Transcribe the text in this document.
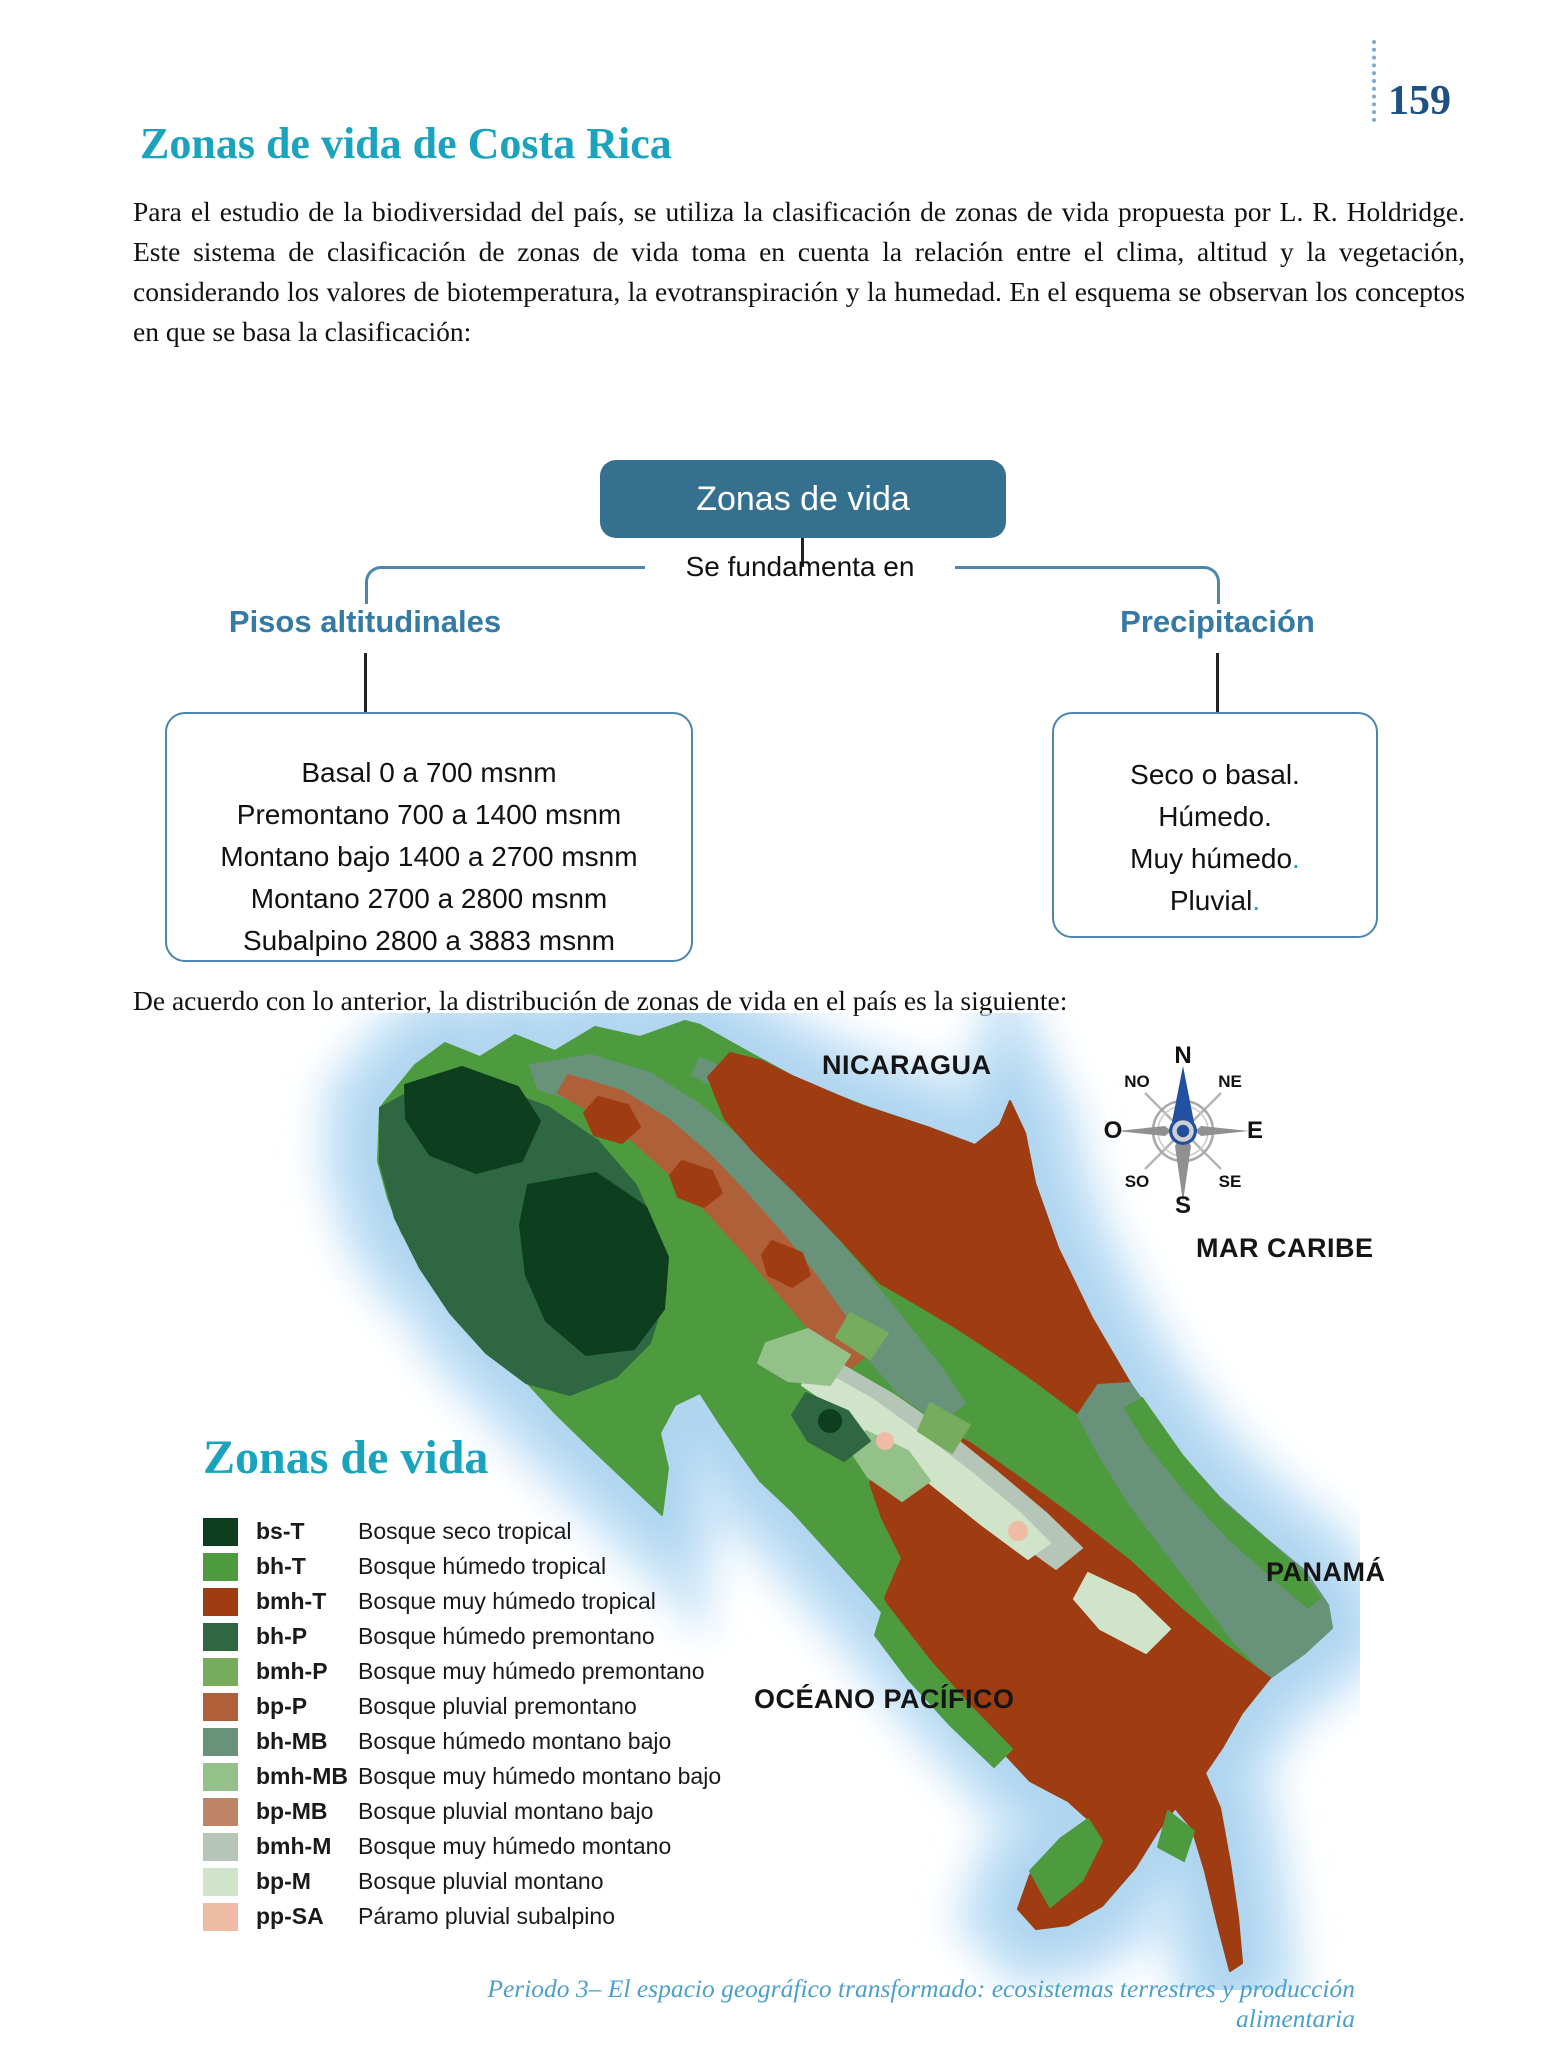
159
Zonas de vida de Costa Rica

Para el estudio de la biodiversidad del país, se utiliza la clasificación de zonas de vida propuesta por L. R. Holdridge. Este sistema de clasificación de zonas de vida toma en cuenta la relación entre el clima, altitud y la vegetación, considerando los valores de biotemperatura, la evotranspiración y la humedad. En el esquema se observan los conceptos en que se basa la clasificación:

Zonas de vida
Se fundamenta en
Pisos altitudinales	Precipitación
Basal 0 a 700 msnm
Premontano 700 a 1400 msnm
Montano bajo 1400 a 2700 msnm
Montano 2700 a 2800 msnm
Subalpino 2800 a 3883 msnm
Seco o basal.
Húmedo.
Muy húmedo.
Pluvial.

De acuerdo con lo anterior, la distribución de zonas de vida en el país es la siguiente:

NICARAGUA
MAR CARIBE
PANAMÁ
OCÉANO PACÍFICO
N
NE
E
SE
S
SO
O
NO
Zonas de vida
bs-T	Bosque seco tropical
bh-T	Bosque húmedo tropical
bmh-T	Bosque muy húmedo tropical
bh-P	Bosque húmedo premontano
bmh-P	Bosque muy húmedo premontano
bp-P	Bosque pluvial premontano
bh-MB	Bosque húmedo montano bajo
bmh-MB Bosque muy húmedo montano bajo
bp-MB	Bosque pluvial montano bajo
bmh-M	Bosque muy húmedo montano
bp-M	Bosque pluvial montano
pp-SA	Páramo pluvial subalpino
Periodo 3– El espacio geográfico transformado: ecosistemas terrestres y producción alimentaria
